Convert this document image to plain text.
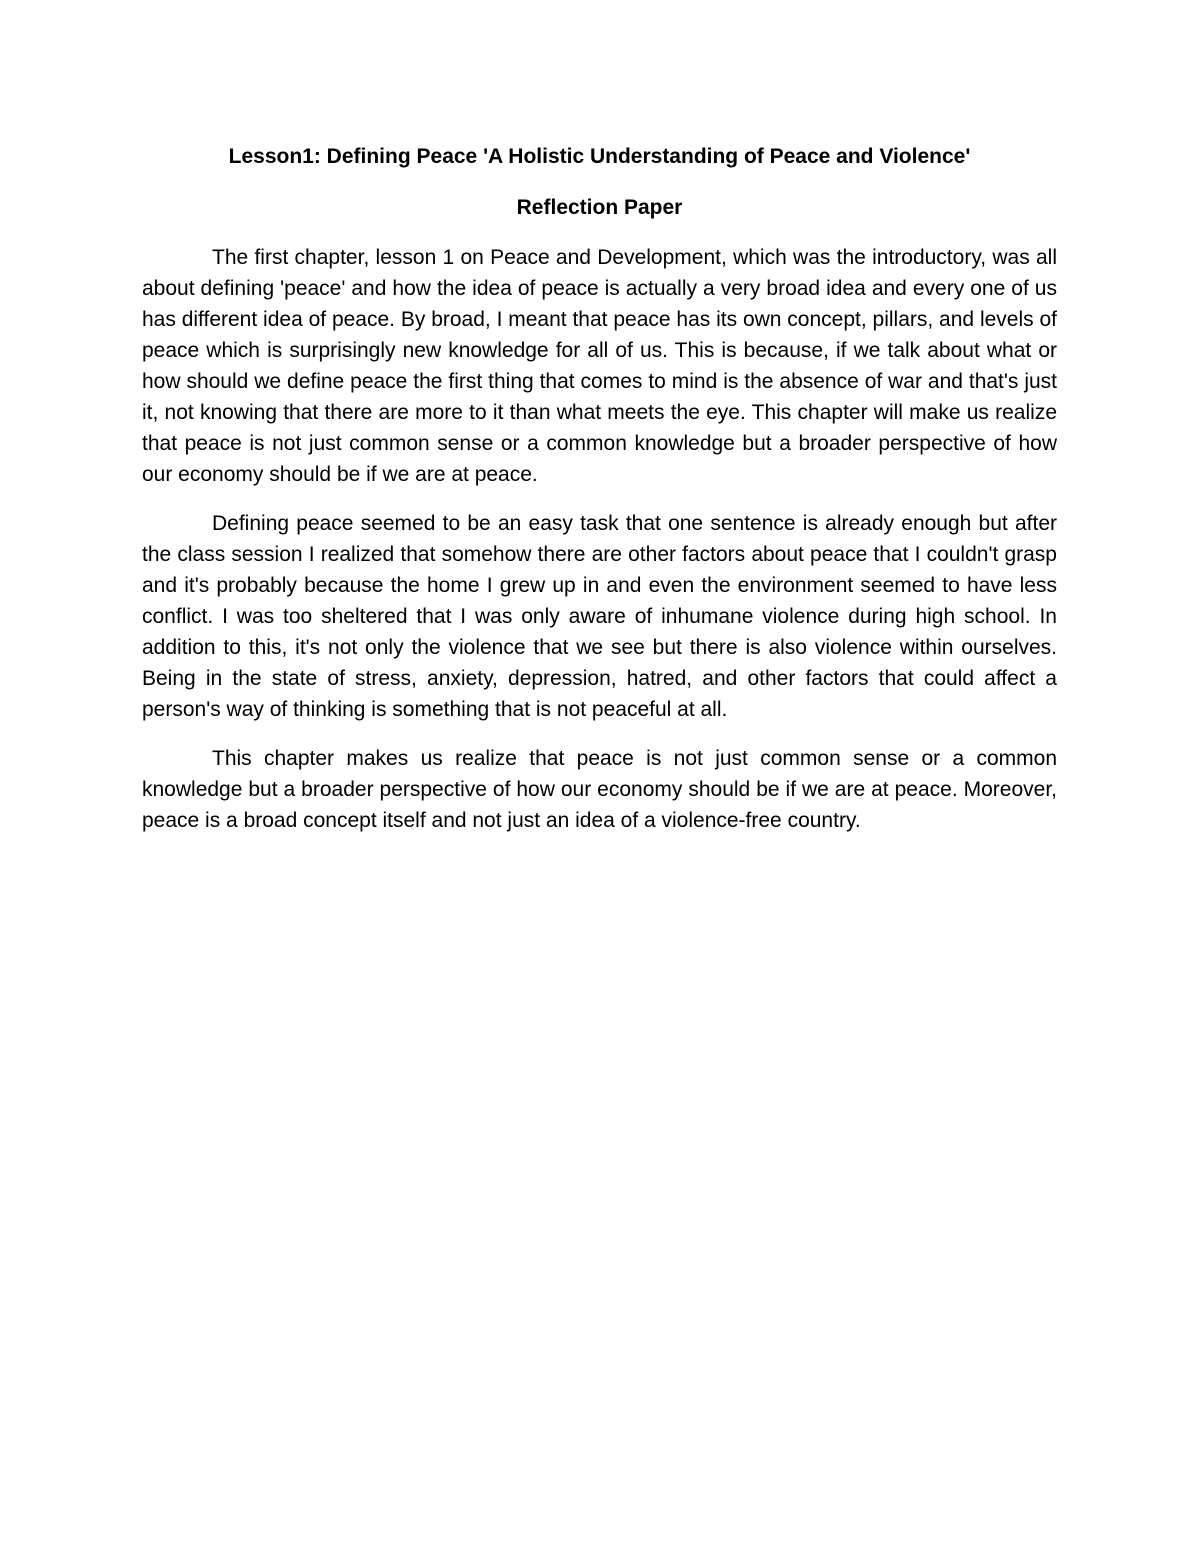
Lesson1: Defining Peace 'A Holistic Understanding of Peace and Violence'
Reflection Paper

The first chapter, lesson 1 on Peace and Development, which was the introductory, was all about defining 'peace' and how the idea of peace is actually a very broad idea and every one of us has different idea of peace. By broad, I meant that peace has its own concept, pillars, and levels of peace which is surprisingly new knowledge for all of us. This is because, if we talk about what or how should we define peace the first thing that comes to mind is the absence of war and that's just it, not knowing that there are more to it than what meets the eye. This chapter will make us realize that peace is not just common sense or a common knowledge but a broader perspective of how our economy should be if we are at peace.

Defining peace seemed to be an easy task that one sentence is already enough but after the class session I realized that somehow there are other factors about peace that I couldn't grasp and it's probably because the home I grew up in and even the environment seemed to have less conflict. I was too sheltered that I was only aware of inhumane violence during high school. In addition to this, it's not only the violence that we see but there is also violence within ourselves. Being in the state of stress, anxiety, depression, hatred, and other factors that could affect a person's way of thinking is something that is not peaceful at all.

This chapter makes us realize that peace is not just common sense or a common knowledge but a broader perspective of how our economy should be if we are at peace. Moreover, peace is a broad concept itself and not just an idea of a violence-free country.
